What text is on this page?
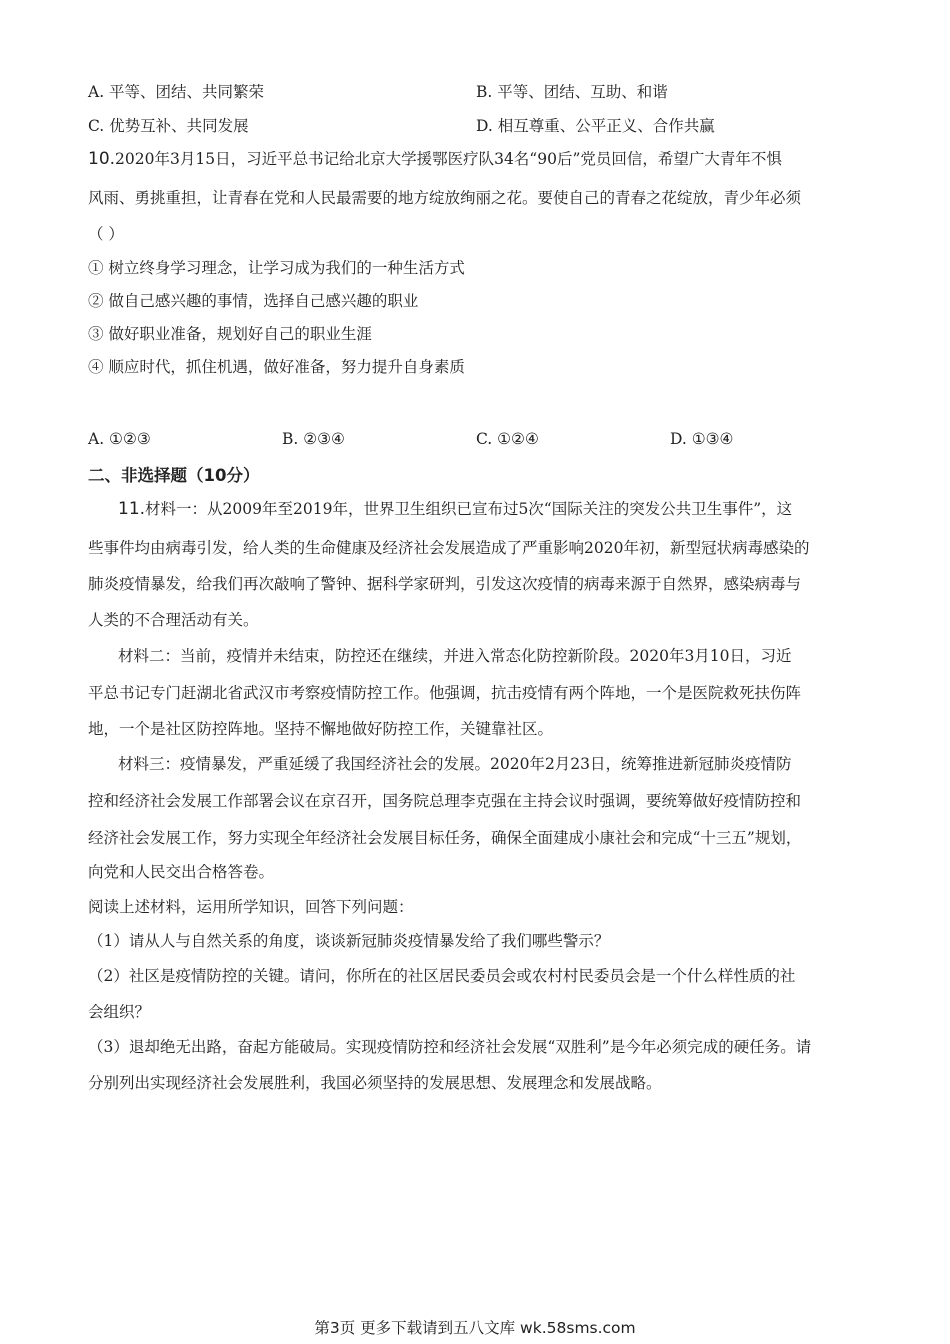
A. 平等、团结、共同繁荣	B. 平等、团结、互助、和谐
C. 优势互补、共同发展	D. 相互尊重、公平正义、合作共赢
10.2020年3月15日，习近平总书记给北京大学援鄂医疗队34名“90后”党员回信，希望广大青年不惧
风雨、勇挑重担，让青春在党和人民最需要的地方绽放绚丽之花。要使自己的青春之花绽放，青少年必须
（ ）
① 树立终身学习理念，让学习成为我们的一种生活方式
② 做自己感兴趣的事情，选择自己感兴趣的职业
③ 做好职业准备，规划好自己的职业生涯
④ 顺应时代，抓住机遇，做好准备，努力提升自身素质
A. ①②③	B. ②③④	C. ①②④	D. ①③④
二、非选择题（10分）
11.材料一：从2009年至2019年，世界卫生组织已宣布过5次“国际关注的突发公共卫生事件”，这
些事件均由病毒引发，给人类的生命健康及经济社会发展造成了严重影响2020年初，新型冠状病毒感染的
肺炎疫情暴发，给我们再次敲响了警钟、据科学家研判，引发这次疫情的病毒来源于自然界，感染病毒与
人类的不合理活动有关。
材料二：当前，疫情并未结束，防控还在继续，并进入常态化防控新阶段。2020年3月10日，习近
平总书记专门赶湖北省武汉市考察疫情防控工作。他强调，抗击疫情有两个阵地，一个是医院救死扶伤阵
地，一个是社区防控阵地。坚持不懈地做好防控工作，关键靠社区。
材料三：疫情暴发，严重延缓了我国经济社会的发展。2020年2月23日，统筹推进新冠肺炎疫情防
控和经济社会发展工作部署会议在京召开，国务院总理李克强在主持会议时强调，要统筹做好疫情防控和
经济社会发展工作，努力实现全年经济社会发展目标任务，确保全面建成小康社会和完成“十三五”规划，
向党和人民交出合格答卷。
阅读上述材料，运用所学知识，回答下列问题：
（1）请从人与自然关系的角度，谈谈新冠肺炎疫情暴发给了我们哪些警示？
（2）社区是疫情防控的关键。请问，你所在的社区居民委员会或农村村民委员会是一个什么样性质的社
会组织？
（3）退却绝无出路，奋起方能破局。实现疫情防控和经济社会发展“双胜利”是今年必须完成的硬任务。请
分别列出实现经济社会发展胜利，我国必须坚持的发展思想、发展理念和发展战略。
第3页 更多下载请到五八文库 wk.58sms.com
